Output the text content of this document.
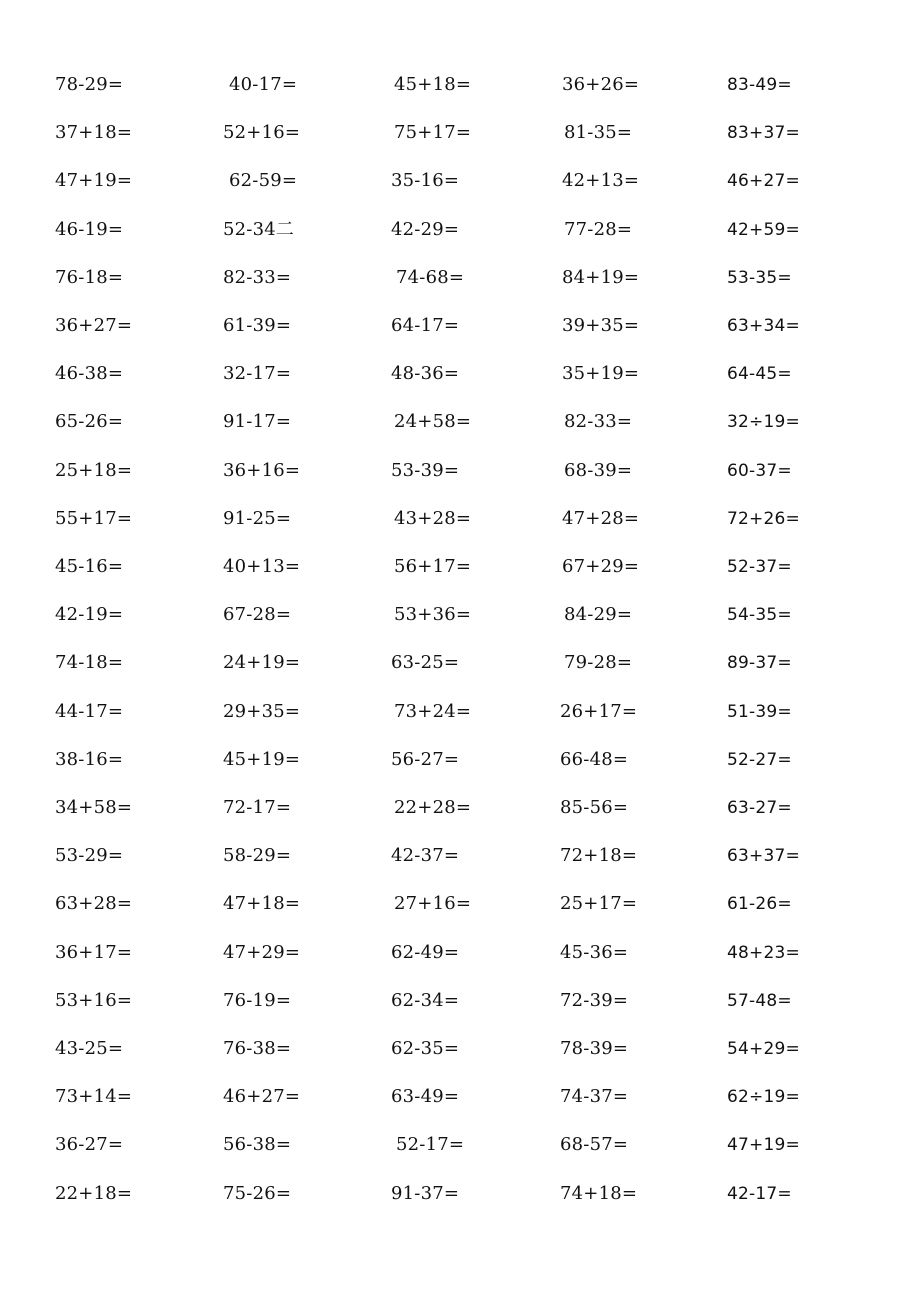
78-29=	40-17=	45+18=	36+26=	83-49=
37+18=	52+16=	75+17=	81-35=	83+37=
47+19=	62-59=	35-16=	42+13=	46+27=
46-19=	52-34二	42-29=	77-28=	42+59=
76-18=	82-33=	74-68=	84+19=	53-35=
36+27=	61-39=	64-17=	39+35=	63+34=
46-38=	32-17=	48-36=	35+19=	64-45=
65-26=	91-17=	24+58=	82-33=	32÷19=
25+18=	36+16=	53-39=	68-39=	60-37=
55+17=	91-25=	43+28=	47+28=	72+26=
45-16=	40+13=	56+17=	67+29=	52-37=
42-19=	67-28=	53+36=	84-29=	54-35=
74-18=	24+19=	63-25=	79-28=	89-37=
44-17=	29+35=	73+24=	26+17=	51-39=
38-16=	45+19=	56-27=	66-48=	52-27=
34+58=	72-17=	22+28=	85-56=	63-27=
53-29=	58-29=	42-37=	72+18=	63+37=
63+28=	47+18=	27+16=	25+17=	61-26=
36+17=	47+29=	62-49=	45-36=	48+23=
53+16=	76-19=	62-34=	72-39=	57-48=
43-25=	76-38=	62-35=	78-39=	54+29=
73+14=	46+27=	63-49=	74-37=	62÷19=
36-27=	56-38=	52-17=	68-57=	47+19=
22+18=	75-26=	91-37=	74+18=	42-17=
